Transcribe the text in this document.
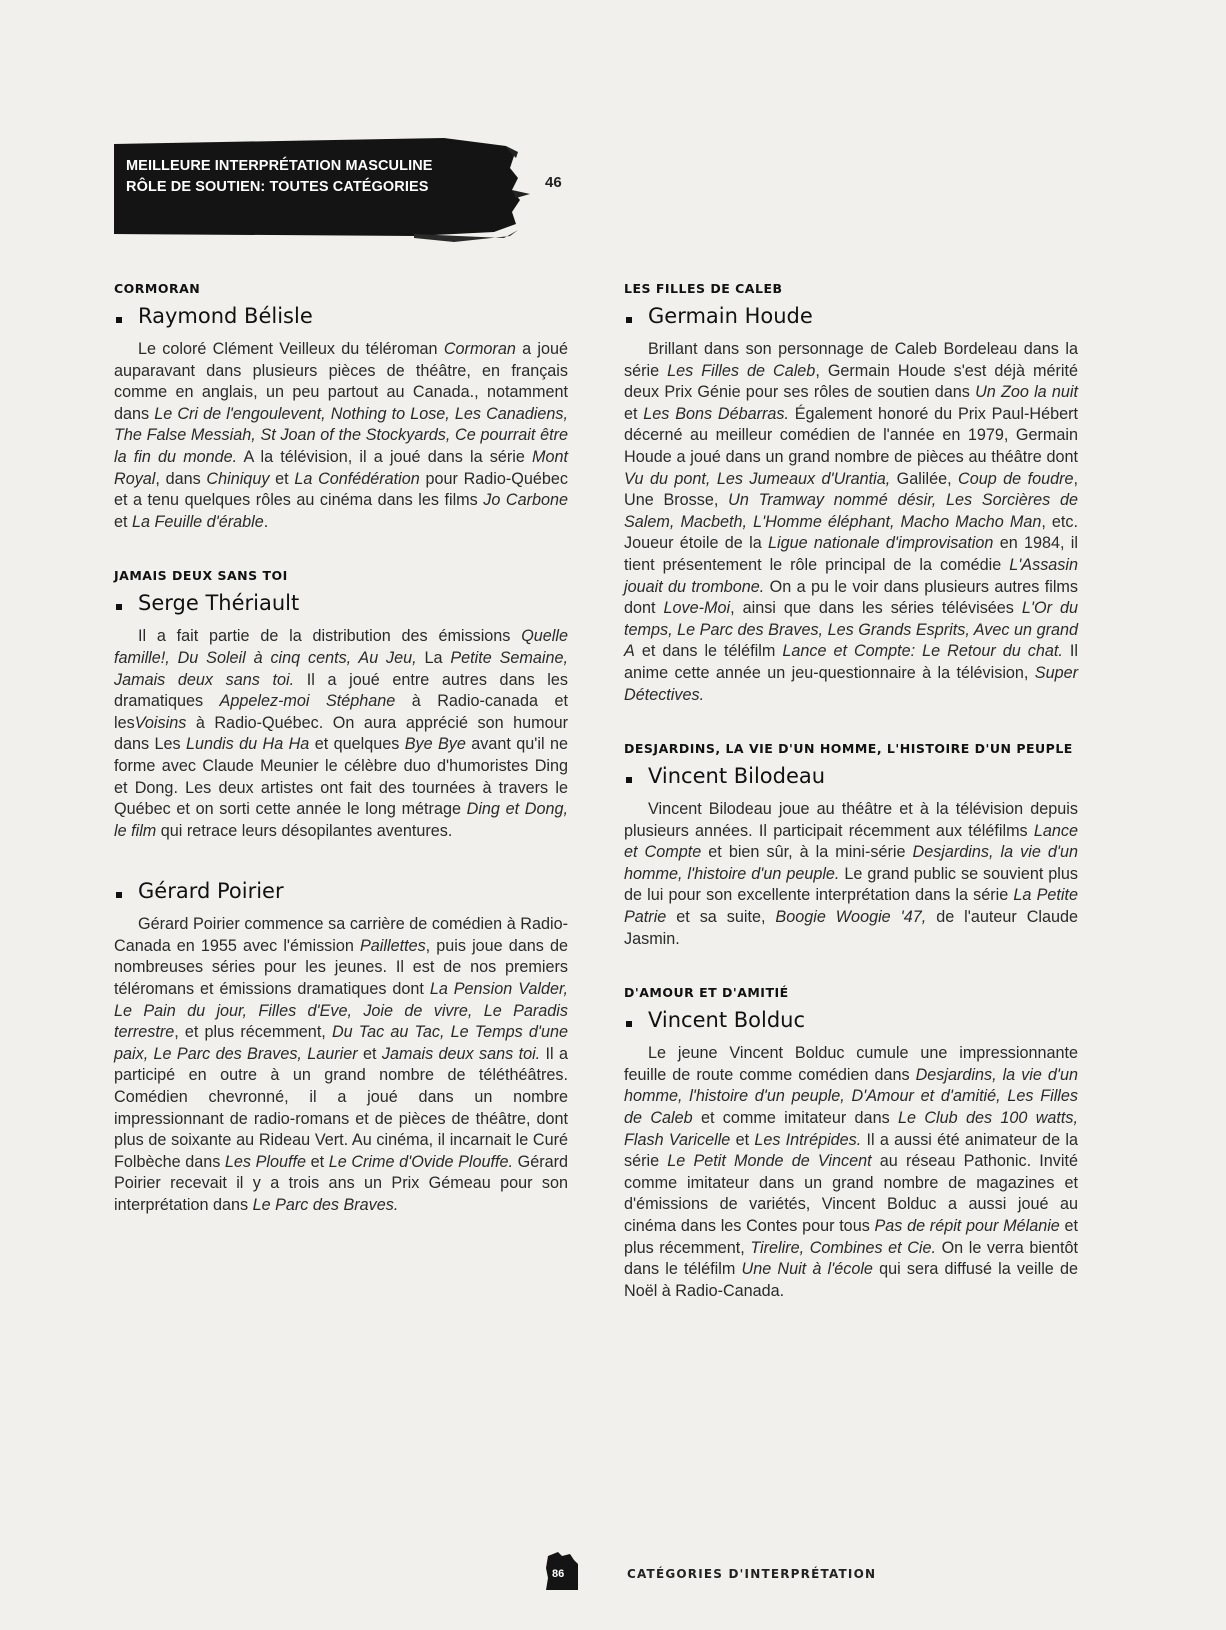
MEILLEURE INTERPRÉTATION MASCULINE
RÔLE DE SOUTIEN: TOUTES CATÉGORIES	46
CORMORAN
Raymond Bélisle

Le coloré Clément Veilleux du téléroman Cormoran a joué auparavant dans plusieurs pièces de théâtre, en français comme en anglais, un peu partout au Canada., notamment dans Le Cri de l'engoulevent, Nothing to Lose, Les Canadiens, The False Messiah, St Joan of the Stockyards, Ce pourrait être la fin du monde. A la télévision, il a joué dans la série Mont Royal, dans Chiniquy et La Confédération pour Radio-Québec et a tenu quelques rôles au cinéma dans les films Jo Carbone et La Feuille d'érable.

JAMAIS DEUX SANS TOI
Serge Thériault

Il a fait partie de la distribution des émissions Quelle famille!, Du Soleil à cinq cents, Au Jeu, La Petite Semaine, Jamais deux sans toi. Il a joué entre autres dans les dramatiques Appelez-moi Stéphane à Radio-canada et lesVoisins à Radio-Québec. On aura apprécié son humour dans Les Lundis du Ha Ha et quelques Bye Bye avant qu'il ne forme avec Claude Meunier le célèbre duo d'humoristes Ding et Dong. Les deux artistes ont fait des tournées à travers le Québec et on sorti cette année le long métrage Ding et Dong, le film qui retrace leurs désopilantes aventures.

Gérard Poirier

Gérard Poirier commence sa carrière de comédien à Radio-Canada en 1955 avec l'émission Paillettes, puis joue dans de nombreuses séries pour les jeunes. Il est de nos premiers téléromans et émissions dramatiques dont La Pension Valder, Le Pain du jour, Filles d'Eve, Joie de vivre, Le Paradis terrestre, et plus récemment, Du Tac au Tac, Le Temps d'une paix, Le Parc des Braves, Laurier et Jamais deux sans toi. Il a participé en outre à un grand nombre de téléthéâtres. Comédien chevronné, il a joué dans un nombre impressionnant de radio-romans et de pièces de théâtre, dont plus de soixante au Rideau Vert. Au cinéma, il incarnait le Curé Folbèche dans Les Plouffe et Le Crime d'Ovide Plouffe. Gérard Poirier recevait il y a trois ans un Prix Gémeau pour son interprétation dans Le Parc des Braves.

LES FILLES DE CALEB
Germain Houde

Brillant dans son personnage de Caleb Bordeleau dans la série Les Filles de Caleb, Germain Houde s'est déjà mérité deux Prix Génie pour ses rôles de soutien dans Un Zoo la nuit et Les Bons Débarras. Également honoré du Prix Paul-Hébert décerné au meilleur comédien de l'année en 1979, Germain Houde a joué dans un grand nombre de pièces au théâtre dont Vu du pont, Les Jumeaux d'Urantia, Galilée, Coup de foudre, Une Brosse, Un Tramway nommé désir, Les Sorcières de Salem, Macbeth, L'Homme éléphant, Macho Macho Man, etc. Joueur étoile de la Ligue nationale d'improvisation en 1984, il tient présentement le rôle principal de la comédie L'Assasin jouait du trombone. On a pu le voir dans plusieurs autres films dont Love-Moi, ainsi que dans les séries télévisées L'Or du temps, Le Parc des Braves, Les Grands Esprits, Avec un grand A et dans le téléfilm Lance et Compte: Le Retour du chat. Il anime cette année un jeu-questionnaire à la télévision, Super Détectives.

DESJARDINS, LA VIE D'UN HOMME, L'HISTOIRE D'UN PEUPLE
Vincent Bilodeau

Vincent Bilodeau joue au théâtre et à la télévision depuis plusieurs années. Il participait récemment aux téléfilms Lance et Compte et bien sûr, à la mini-série Desjardins, la vie d'un homme, l'histoire d'un peuple. Le grand public se souvient plus de lui pour son excellente interprétation dans la série La Petite Patrie et sa suite, Boogie Woogie '47, de l'auteur Claude Jasmin.

D'AMOUR ET D'AMITIÉ
Vincent Bolduc

Le jeune Vincent Bolduc cumule une impressionnante feuille de route comme comédien dans Desjardins, la vie d'un homme, l'histoire d'un peuple, D'Amour et d'amitié, Les Filles de Caleb et comme imitateur dans Le Club des 100 watts, Flash Varicelle et Les Intrépides. Il a aussi été animateur de la série Le Petit Monde de Vincent au réseau Pathonic. Invité comme imitateur dans un grand nombre de magazines et d'émissions de variétés, Vincent Bolduc a aussi joué au cinéma dans les Contes pour tous Pas de répit pour Mélanie et plus récemment, Tirelire, Combines et Cie. On le verra bientôt dans le téléfilm Une Nuit à l'école qui sera diffusé la veille de Noël à Radio-Canada.

86	CATÉGORIES D'INTERPRÉTATION
